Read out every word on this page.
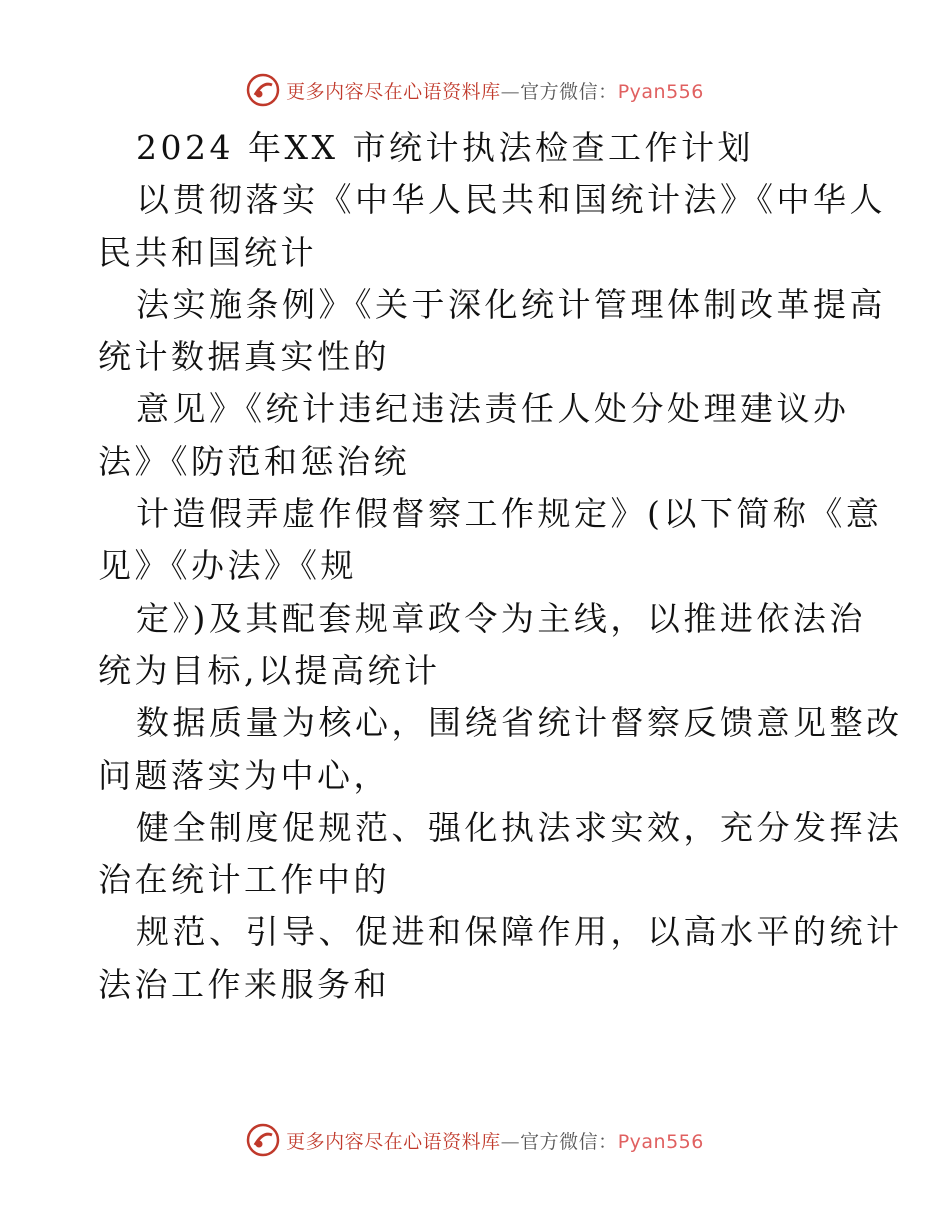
更多内容尽在心语资料库—官方微信：Pyan556
2024 年XX 市统计执法检查工作计划
以贯彻落实《中华人民共和国统计法》《中华人
民共和国统计
法实施条例》《关于深化统计管理体制改革提高
统计数据真实性的
意见》《统计违纪违法责任人处分处理建议办
法》《防范和惩治统
计造假弄虚作假督察工作规定》(以下简称《意
见》《办法》《规
定》)及其配套规章政令为主线，以推进依法治
统为目标,以提高统计
数据质量为核心，围绕省统计督察反馈意见整改
问题落实为中心，
健全制度促规范、强化执法求实效，充分发挥法
治在统计工作中的
规范、引导、促进和保障作用，以高水平的统计
法治工作来服务和
更多内容尽在心语资料库—官方微信：Pyan556
